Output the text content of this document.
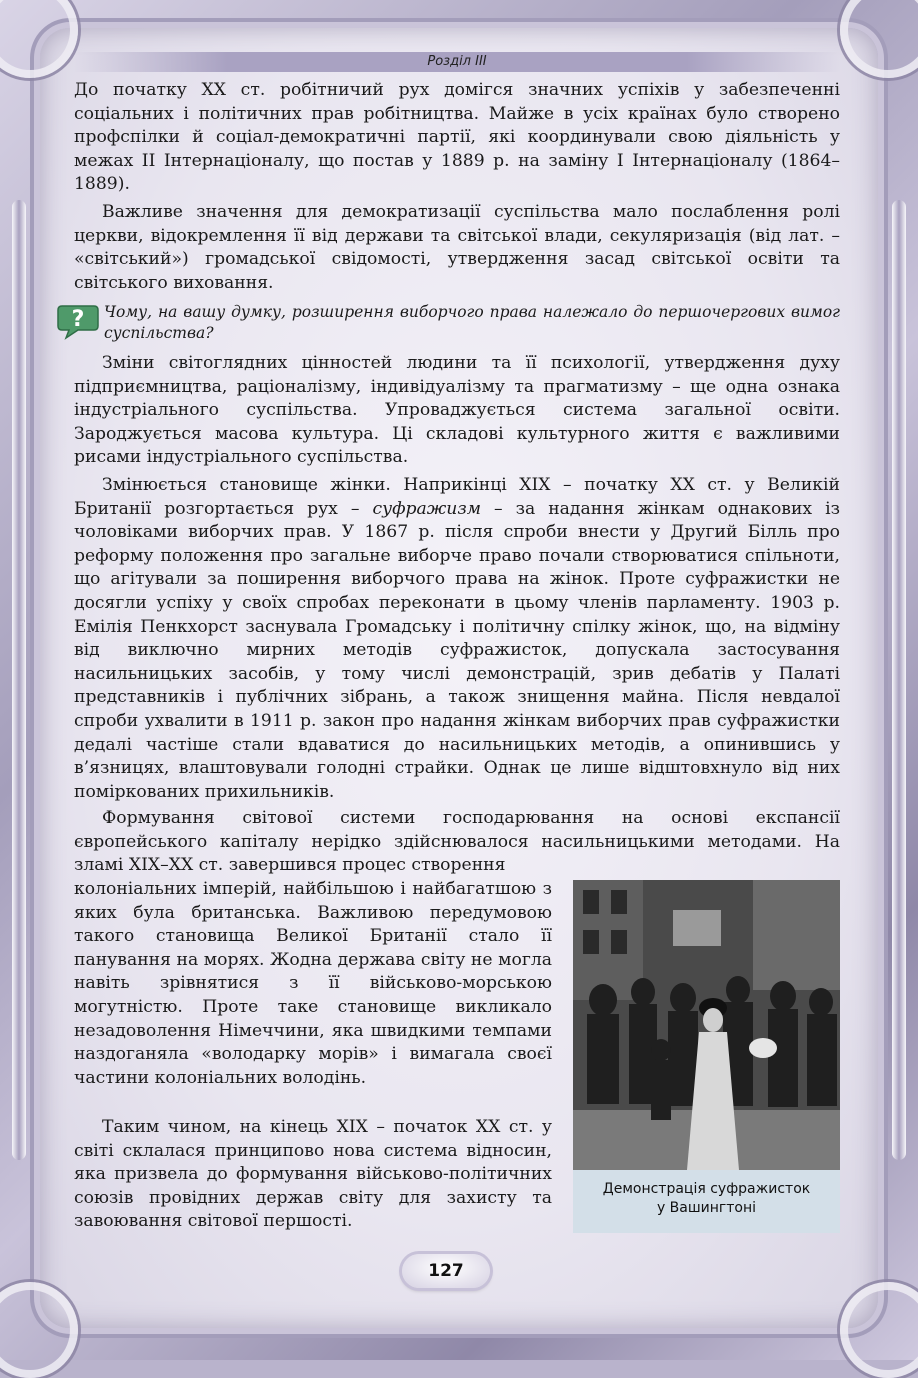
Розділ III

До початку XX ст. робітничий рух домігся значних успіхів у забезпеченні соціальних і політичних прав робітництва. Майже в усіх країнах було створено профспілки й соціал-демократичні партії, які координували свою діяльність у межах II Інтернаціоналу, що постав у 1889 р. на заміну I Інтернаціоналу (1864–1889).

Важливе значення для демократизації суспільства мало послаблення ролі церкви, відокремлення її від держави та світської влади, секуляризація (від лат. – «світський») громадської свідомості, утвердження засад світської освіти та світського виховання.

? Чому, на вашу думку, розширення виборчого права належало до першочергових вимог суспільства?

Зміни світоглядних цінностей людини та її психології, утвердження духу підприємництва, раціоналізму, індивідуалізму та прагматизму – ще одна ознака індустріального суспільства. Упроваджується система загальної освіти. Зароджується масова культура. Ці складові культурного життя є важливими рисами індустріального суспільства.

Змінюється становище жінки. Наприкінці XIX – початку XX ст. у Великій Британії розгортається рух – суфражизм – за надання жінкам однакових із чоловіками виборчих прав. У 1867 р. після спроби внести у Другий Білль про реформу положення про загальне виборче право почали створюватися спільноти, що агітували за поширення виборчого права на жінок. Проте суфражистки не досягли успіху у своїх спробах переконати в цьому членів парламенту. 1903 р. Емілія Пенкхорст заснувала Громадську і політичну спілку жінок, що, на відміну від виключно мирних методів суфражисток, допускала застосування насильницьких засобів, у тому числі демонстрацій, зрив дебатів у Палаті представників і публічних зібрань, а також знищення майна. Після невдалої спроби ухвалити в 1911 р. закон про надання жінкам виборчих прав суфражистки дедалі частіше стали вдаватися до насильницьких методів, а опинившись у в’язницях, влаштовували голодні страйки. Однак це лише відштовхнуло від них поміркованих прихильників.

Формування світової системи господарювання на основі експансії європейського капіталу нерідко здійснювалося насильницькими методами. На зламі XIX–XX ст. завершився процес створення

колоніальних імперій, найбільшою і найбагатшою з яких була британська. Важливою передумовою такого становища Великої Британії стало її панування на морях. Жодна держава світу не могла навіть зрівнятися з її військово-морською могутністю. Проте таке становище викликало незадоволення Німеччини, яка швидкими темпами наздоганяла «володарку морів» і вимагала своєї частини колоніальних володінь.

Таким чином, на кінець XIX – початок XX ст. у світі склалася принципово нова система відносин, яка призвела до формування військово-політичних союзів провідних держав світу для захисту та завоювання світової першості.

Демонстрація суфражисток
у Вашингтоні
127
